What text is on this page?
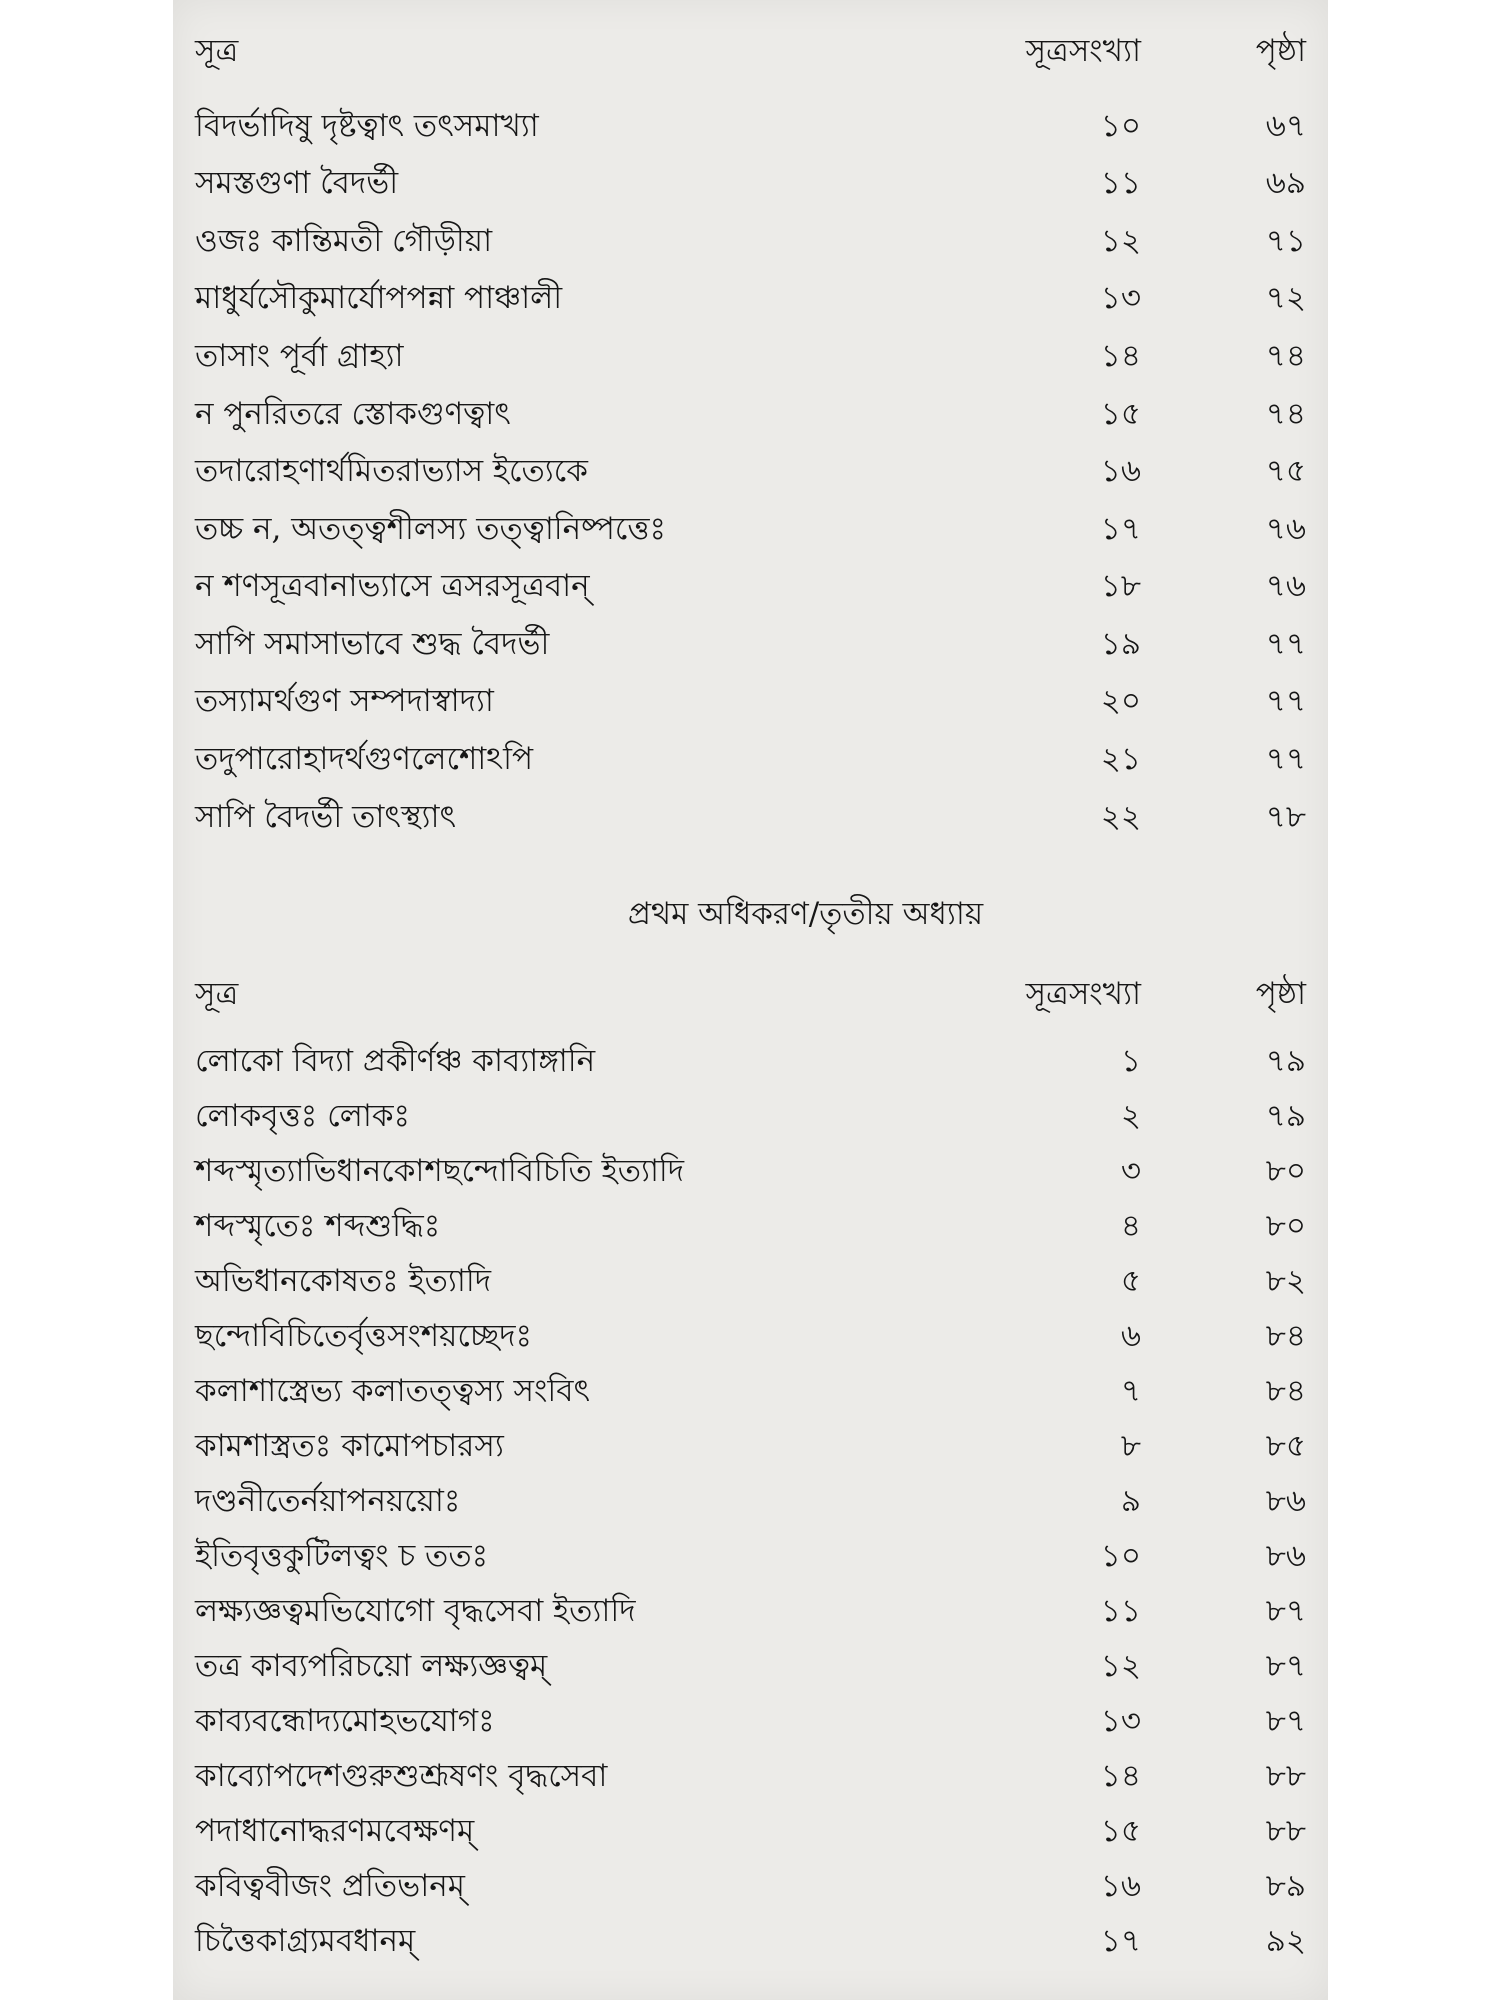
সূত্র	সূত্রসংখ্যা	পৃষ্ঠা
বিদর্ভাদিষু দৃষ্টত্বাৎ তৎসমাখ্যা	১০	৬৭
সমস্তগুণা বৈদর্ভী	১১	৬৯
ওজঃ কান্তিমতী গৌড়ীয়া	১২	৭১
মাধুর্যসৌকুমার্যোপপন্না পাঞ্চালী	১৩	৭২
তাসাং পূর্বা গ্রাহ্যা	১৪	৭৪
ন পুনরিতরে স্তোকগুণত্বাৎ	১৫	৭৪
তদারোহণার্থমিতরাভ্যাস ইত্যেকে	১৬	৭৫
তচ্চ ন, অতত্ত্বশীলস্য তত্ত্বানিষ্পত্তেঃ	১৭	৭৬
ন শণসূত্রবানাভ্যাসে ত্রসরসূত্রবান্	১৮	৭৬
সাপি সমাসাভাবে শুদ্ধ বৈদর্ভী	১৯	৭৭
তস্যামর্থগুণ সম্পদাস্বাদ্যা	২০	৭৭
তদুপারোহাদর্থগুণলেশোঽপি	২১	৭৭
সাপি বৈদর্ভী তাৎস্থ্যাৎ	২২	৭৮
প্রথম অধিকরণ/তৃতীয় অধ্যায়
সূত্র	সূত্রসংখ্যা	পৃষ্ঠা
লোকো বিদ্যা প্রকীর্ণঞ্চ কাব্যাঙ্গানি	১	৭৯
লোকবৃত্তঃ লোকঃ	২	৭৯
শব্দস্মৃত্যাভিধানকোশছন্দোবিচিতি ইত্যাদি	৩	৮০
শব্দস্মৃতেঃ শব্দশুদ্ধিঃ	৪	৮০
অভিধানকোষতঃ ইত্যাদি	৫	৮২
ছন্দোবিচিতের্বৃত্তসংশয়চ্ছেদঃ	৬	৮৪
কলাশাস্ত্রেভ্য কলাতত্ত্বস্য সংবিৎ	৭	৮৪
কামশাস্ত্রতঃ কামোপচারস্য	৮	৮৫
দণ্ডনীতের্নয়াপনয়য়োঃ	৯	৮৬
ইতিবৃত্তকুটিলত্বং চ ততঃ	১০	৮৬
লক্ষ্যজ্ঞত্বমভিযোগো বৃদ্ধসেবা ইত্যাদি	১১	৮৭
তত্র কাব্যপরিচয়ো লক্ষ্যজ্ঞত্বম্	১২	৮৭
কাব্যবন্ধোদ্যমোহভযোগঃ	১৩	৮৭
কাব্যোপদেশগুরুশুশ্রূষণং বৃদ্ধসেবা	১৪	৮৮
পদাধানোদ্ধরণমবেক্ষণম্	১৫	৮৮
কবিত্ববীজং প্রতিভানম্	১৬	৮৯
চিত্তৈকাগ্র্যমবধানম্	১৭	৯২
